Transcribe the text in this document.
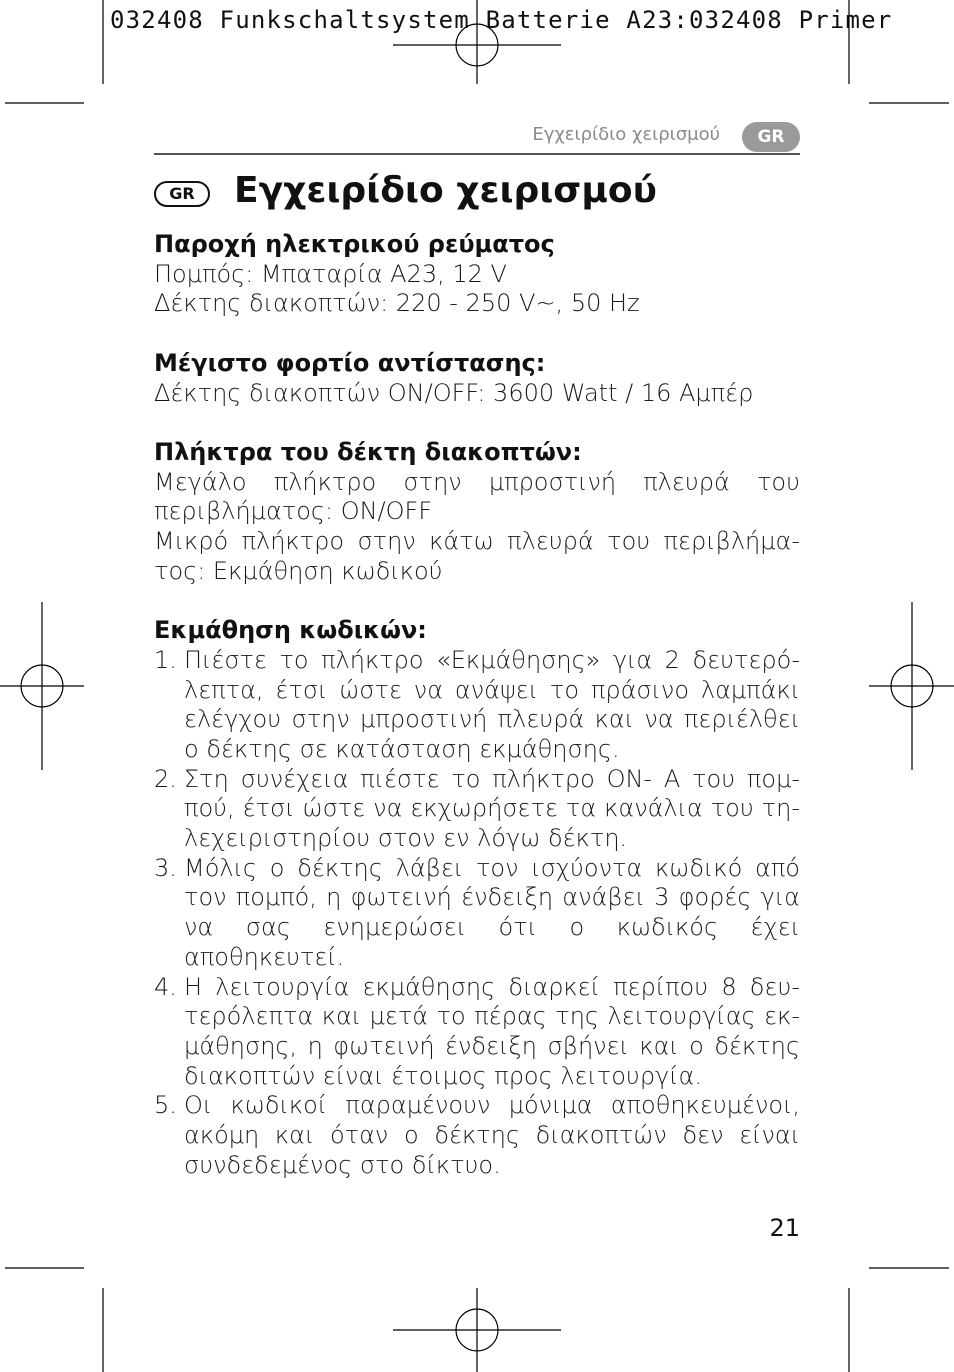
032408 Funkschaltsystem Batterie A23:032408 Primer
Εγχειρίδιο χειρισμού	GR
GR	Εγχειρίδιο χειρισμού
Παροχή ηλεκτρικού ρεύματος
Πομπός: Μπαταρία A23, 12 V
Δέκτης διακοπτών: 220 - 250 V~, 50 Hz
Μέγιστο φορτίο αντίστασης:
Δέκτης διακοπτών ON/OFF: 3600 Watt / 16 Αμπέρ
Πλήκτρα του δέκτη διακοπτών:
Μεγάλο πλήκτρο στην μπροστινή πλευρά του περιβλήματος: ON/OFF
Μικρό πλήκτρο στην κάτω πλευρά του περιβλήμα-τος: Εκμάθηση κωδικού
Εκμάθηση κωδικών:
1. Πιέστε το πλήκτρο «Εκμάθησης» για 2 δευτερό-λεπτα, έτσι ώστε να ανάψει το πράσινο λαμπάκι ελέγχου στην μπροστινή πλευρά και να περιέλθει ο δέκτης σε κατάσταση εκμάθησης.
2. Στη συνέχεια πιέστε το πλήκτρο ON- A του πομ-πού, έτσι ώστε να εκχωρήσετε τα κανάλια του τη-λεχειριστηρίου στον εν λόγω δέκτη.
3. Μόλις ο δέκτης λάβει τον ισχύοντα κωδικό από τον πομπό, η φωτεινή ένδειξη ανάβει 3 φορές για να σας ενημερώσει ότι ο κωδικός έχει αποθηκευτεί.
4. Η λειτουργία εκμάθησης διαρκεί περίπου 8 δευ-τερόλεπτα και μετά το πέρας της λειτουργίας εκ-μάθησης, η φωτεινή ένδειξη σβήνει και ο δέκτης διακοπτών είναι έτοιμος προς λειτουργία.
5. Οι κωδικοί παραμένουν μόνιμα αποθηκευμένοι, ακόμη και όταν ο δέκτης διακοπτών δεν είναι συνδεδεμένος στο δίκτυο.
21
